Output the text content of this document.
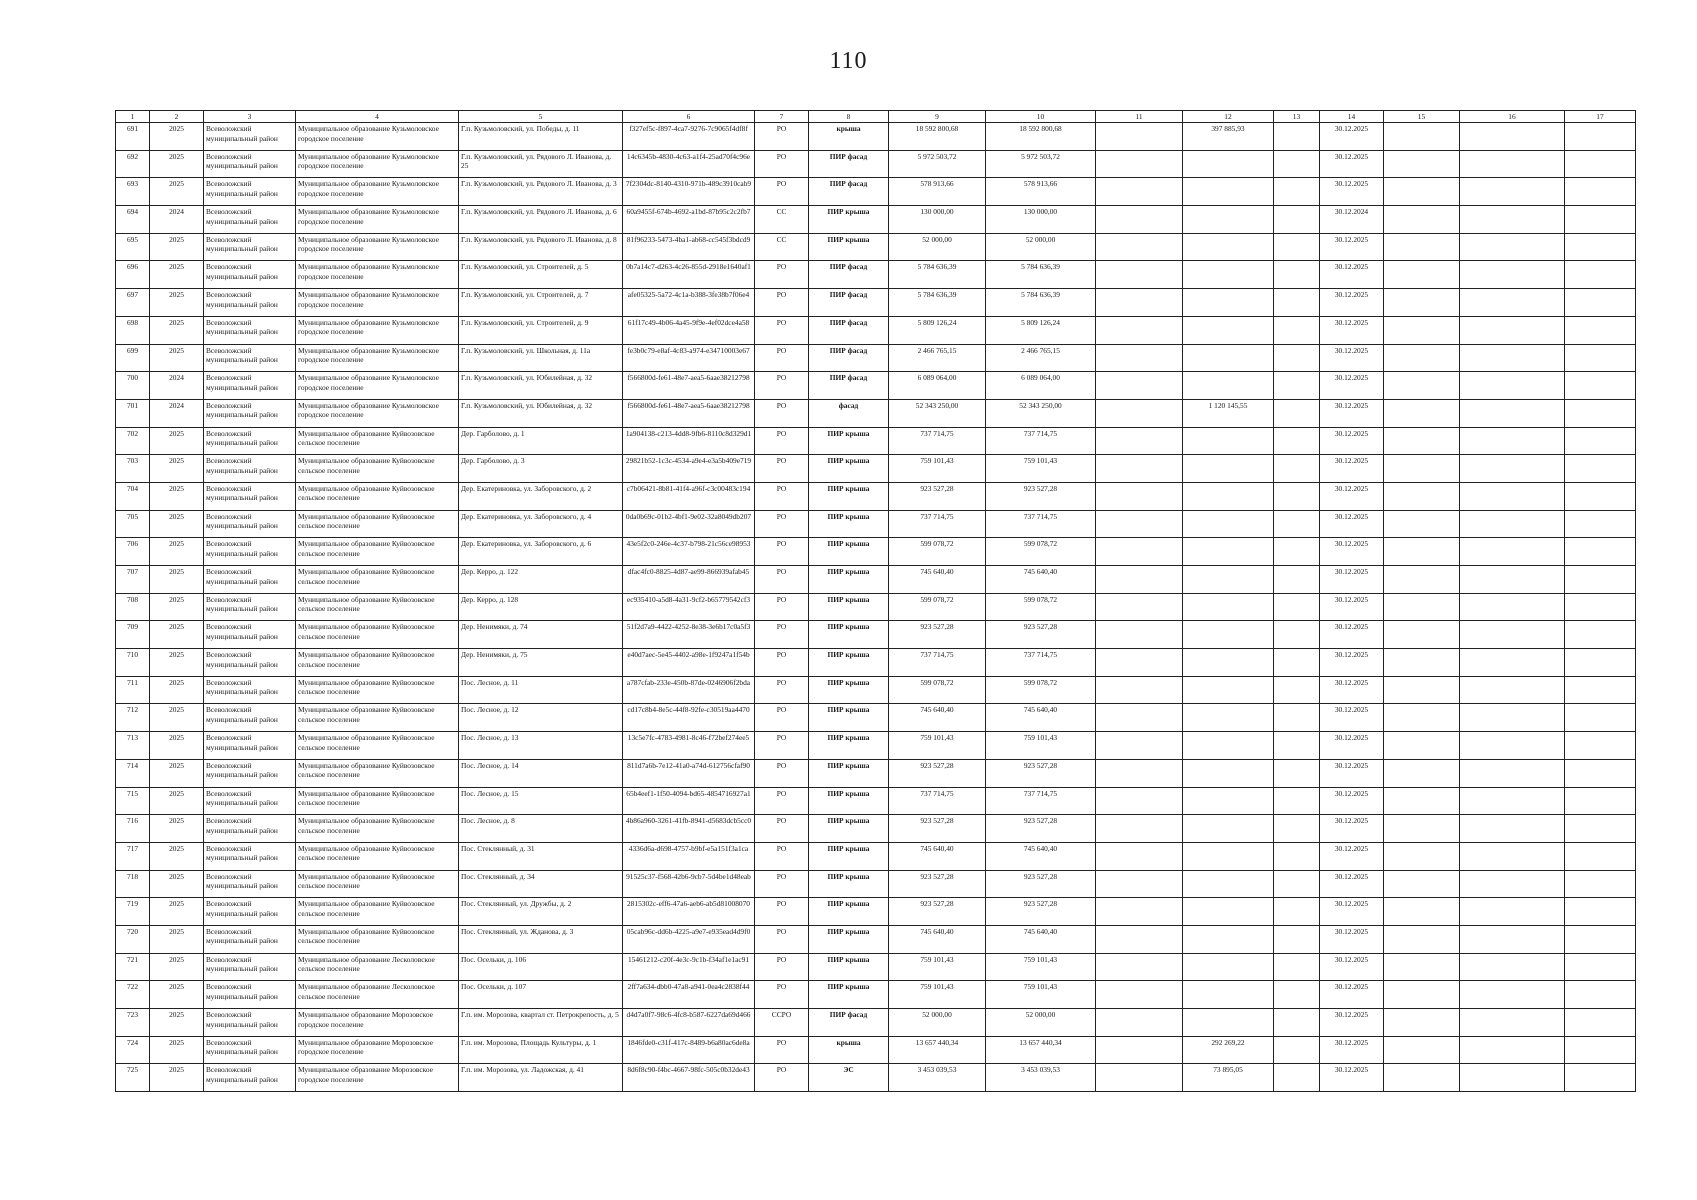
110
1	2	3	4	5	6	7	8	9	10	11	12	13	14	15	16	17
691	2025	Всеволожский муниципальный район	Муниципальное образование Кузьмоловское городское поселение	Г.п. Кузьмоловский, ул. Победы, д. 11	f327ef5c-f897-4ca7-9276-7c9065f4df8f	РО	крыша	18 592 800,68	18 592 800,68		397 885,93		30.12.2025			
692	2025	Всеволожский муниципальный район	Муниципальное образование Кузьмоловское городское поселение	Г.п. Кузьмоловский, ул. Рядового Л. Иванова, д. 25	14c6345b-4830-4c63-a1f4-25ad70f4c96e	РО	ПИР фасад	5 972 503,72	5 972 503,72				30.12.2025			
693	2025	Всеволожский муниципальный район	Муниципальное образование Кузьмоловское городское поселение	Г.п. Кузьмоловский, ул. Рядового Л. Иванова, д. 3	7f2304dc-8140-4310-971b-489c3910cab9	РО	ПИР фасад	578 913,66	578 913,66				30.12.2025			
694	2024	Всеволожский муниципальный район	Муниципальное образование Кузьмоловское городское поселение	Г.п. Кузьмоловский, ул. Рядового Л. Иванова, д. 6	60a9455f-674b-4692-a1bd-87b95c2c2fb7	СС	ПИР крыша	130 000,00	130 000,00				30.12.2024			
695	2025	Всеволожский муниципальный район	Муниципальное образование Кузьмоловское городское поселение	Г.п. Кузьмоловский, ул. Рядового Л. Иванова, д. 8	81f96233-5473-4ba1-ab68-cc545f3bdcd9	СС	ПИР крыша	52 000,00	52 000,00				30.12.2025			
696	2025	Всеволожский муниципальный район	Муниципальное образование Кузьмоловское городское поселение	Г.п. Кузьмоловский, ул. Строителей, д. 5	0b7a14c7-d263-4c26-855d-2918e1640af1	РО	ПИР фасад	5 784 636,39	5 784 636,39				30.12.2025			
697	2025	Всеволожский муниципальный район	Муниципальное образование Кузьмоловское городское поселение	Г.п. Кузьмоловский, ул. Строителей, д. 7	afe05325-5a72-4c1a-b388-3fe38b7f06e4	РО	ПИР фасад	5 784 636,39	5 784 636,39				30.12.2025			
698	2025	Всеволожский муниципальный район	Муниципальное образование Кузьмоловское городское поселение	Г.п. Кузьмоловский, ул. Строителей, д. 9	61f17c49-4b06-4a45-9f9e-4ef02dce4a58	РО	ПИР фасад	5 809 126,24	5 809 126,24				30.12.2025			
699	2025	Всеволожский муниципальный район	Муниципальное образование Кузьмоловское городское поселение	Г.п. Кузьмоловский, ул. Школьная, д. 11а	fe3b0c79-e8af-4c83-a974-e34710003e67	РО	ПИР фасад	2 466 765,15	2 466 765,15				30.12.2025			
700	2024	Всеволожский муниципальный район	Муниципальное образование Кузьмоловское городское поселение	Г.п. Кузьмоловский, ул. Юбилейная, д. 32	f566800d-fe61-48e7-aea5-6aae38212798	РО	ПИР фасад	6 089 064,00	6 089 064,00				30.12.2025			
701	2024	Всеволожский муниципальный район	Муниципальное образование Кузьмоловское городское поселение	Г.п. Кузьмоловский, ул. Юбилейная, д. 32	f566800d-fe61-48e7-aea5-6aae38212798	РО	фасад	52 343 250,00	52 343 250,00		1 120 145,55		30.12.2025			
702	2025	Всеволожский муниципальный район	Муниципальное образование Куйвозовское сельское поселение	Дер. Гарболово, д. 1	1a904138-c213-4dd8-9fb6-8110c8d329d1	РО	ПИР крыша	737 714,75	737 714,75				30.12.2025			
703	2025	Всеволожский муниципальный район	Муниципальное образование Куйвозовское сельское поселение	Дер. Гарболово, д. 3	29821b52-1c3c-4534-a9e4-e3a5b409e719	РО	ПИР крыша	759 101,43	759 101,43				30.12.2025			
704	2025	Всеволожский муниципальный район	Муниципальное образование Куйвозовское сельское поселение	Дер. Екатериновка, ул. Заборовского, д. 2	c7b06421-8b81-41f4-a96f-c3c00483c194	РО	ПИР крыша	923 527,28	923 527,28				30.12.2025			
705	2025	Всеволожский муниципальный район	Муниципальное образование Куйвозовское сельское поселение	Дер. Екатериновка, ул. Заборовского, д. 4	0da0b69c-01b2-4bf1-9e02-32a8049db207	РО	ПИР крыша	737 714,75	737 714,75				30.12.2025			
706	2025	Всеволожский муниципальный район	Муниципальное образование Куйвозовское сельское поселение	Дер. Екатериновка, ул. Заборовского, д. 6	43e5f2c0-246e-4c37-b798-21c56ce98953	РО	ПИР крыша	599 078,72	599 078,72				30.12.2025			
707	2025	Всеволожский муниципальный район	Муниципальное образование Куйвозовское сельское поселение	Дер. Керро, д. 122	dfac4fc0-8825-4d87-ae99-866939afab45	РО	ПИР крыша	745 640,40	745 640,40				30.12.2025			
708	2025	Всеволожский муниципальный район	Муниципальное образование Куйвозовское сельское поселение	Дер. Керро, д. 128	ec935410-a5d8-4a31-9cf2-b65779542cf3	РО	ПИР крыша	599 078,72	599 078,72				30.12.2025			
709	2025	Всеволожский муниципальный район	Муниципальное образование Куйвозовское сельское поселение	Дер. Ненимяки, д. 74	51f2d7a9-4422-4252-8e38-3e6b17c0a5f3	РО	ПИР крыша	923 527,28	923 527,28				30.12.2025			
710	2025	Всеволожский муниципальный район	Муниципальное образование Куйвозовское сельское поселение	Дер. Ненимяки, д. 75	e40d7aec-5e45-4402-a98e-1f9247a1f54b	РО	ПИР крыша	737 714,75	737 714,75				30.12.2025			
711	2025	Всеволожский муниципальный район	Муниципальное образование Куйвозовское сельское поселение	Пос. Лесное, д. 11	a787cfab-233e-450b-87de-0246906f2bda	РО	ПИР крыша	599 078,72	599 078,72				30.12.2025			
712	2025	Всеволожский муниципальный район	Муниципальное образование Куйвозовское сельское поселение	Пос. Лесное, д. 12	cd17c8b4-8e5c-44f8-92fe-c30519aa4470	РО	ПИР крыша	745 640,40	745 640,40				30.12.2025			
713	2025	Всеволожский муниципальный район	Муниципальное образование Куйвозовское сельское поселение	Пос. Лесное, д. 13	13c5e7fc-4783-4981-8c46-f72bef274ee5	РО	ПИР крыша	759 101,43	759 101,43				30.12.2025			
714	2025	Всеволожский муниципальный район	Муниципальное образование Куйвозовское сельское поселение	Пос. Лесное, д. 14	811d7a6b-7e12-41a0-a74d-612756cfaf90	РО	ПИР крыша	923 527,28	923 527,28				30.12.2025			
715	2025	Всеволожский муниципальный район	Муниципальное образование Куйвозовское сельское поселение	Пос. Лесное, д. 15	65b4eef1-1f50-4094-bd65-4854716927a1	РО	ПИР крыша	737 714,75	737 714,75				30.12.2025			
716	2025	Всеволожский муниципальный район	Муниципальное образование Куйвозовское сельское поселение	Пос. Лесное, д. 8	4b86a960-3261-41fb-8941-d5683dcb5cc0	РО	ПИР крыша	923 527,28	923 527,28				30.12.2025			
717	2025	Всеволожский муниципальный район	Муниципальное образование Куйвозовское сельское поселение	Пос. Стеклянный, д. 31	4336d6a-d698-4757-b9bf-e5a151f3a1ca	РО	ПИР крыша	745 640,40	745 640,40				30.12.2025			
718	2025	Всеволожский муниципальный район	Муниципальное образование Куйвозовское сельское поселение	Пос. Стеклянный, д. 34	91525c37-f568-42b6-9cb7-5d4be1d48eab	РО	ПИР крыша	923 527,28	923 527,28				30.12.2025			
719	2025	Всеволожский муниципальный район	Муниципальное образование Куйвозовское сельское поселение	Пос. Стеклянный, ул. Дружбы, д. 2	2815302c-eff6-47a6-aeb6-ab5d81008070	РО	ПИР крыша	923 527,28	923 527,28				30.12.2025			
720	2025	Всеволожский муниципальный район	Муниципальное образование Куйвозовское сельское поселение	Пос. Стеклянный, ул. Жданова, д. 3	05cab96c-dd6b-4225-a9e7-e935ead4d9f0	РО	ПИР крыша	745 640,40	745 640,40				30.12.2025			
721	2025	Всеволожский муниципальный район	Муниципальное образование Лесколовское сельское поселение	Пос. Осельки, д. 106	15461212-c20f-4e3c-9c1b-f34af1e1ac91	РО	ПИР крыша	759 101,43	759 101,43				30.12.2025			
722	2025	Всеволожский муниципальный район	Муниципальное образование Лесколовское сельское поселение	Пос. Осельки, д. 107	2ff7a634-dbb0-47a8-a941-0ea4c2838f44	РО	ПИР крыша	759 101,43	759 101,43				30.12.2025			
723	2025	Всеволожский муниципальный район	Муниципальное образование Морозовское городское поселение	Г.п. им. Морозова, квартал ст. Петрокрепость, д. 5	d4d7a0f7-98c6-4fc8-b587-6227da69d466	ССРО	ПИР фасад	52 000,00	52 000,00				30.12.2025			
724	2025	Всеволожский муниципальный район	Муниципальное образование Морозовское городское поселение	Г.п. им. Морозова, Площадь Культуры, д. 1	1846fde0-c31f-417c-8489-b6a80ac6de8a	РО	крыша	13 657 440,34	13 657 440,34		292 269,22		30.12.2025			
725	2025	Всеволожский муниципальный район	Муниципальное образование Морозовское городское поселение	Г.п. им. Морозова, ул. Ладожская, д. 41	8d6f8c90-f4bc-4667-98fc-505c0b32de43	РО	ЭС	3 453 039,53	3 453 039,53		73 895,05		30.12.2025			
